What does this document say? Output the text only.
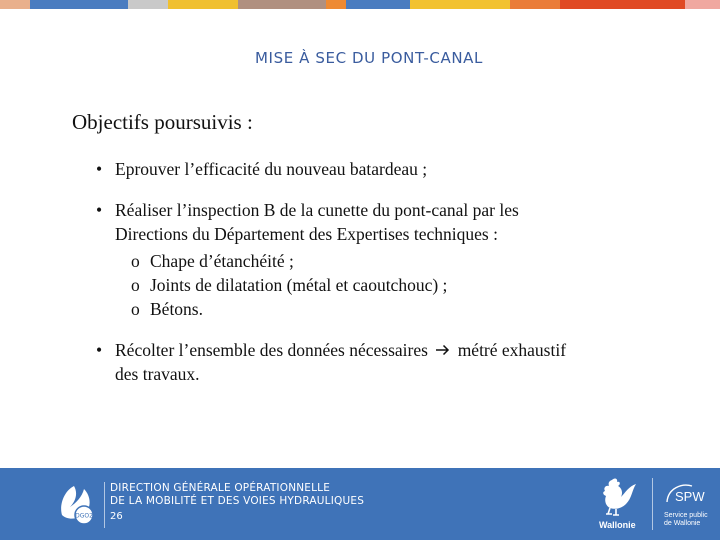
MISE À SEC DU PONT-CANAL
Objectifs poursuivis :
• Eprouver l’efficacité du nouveau batardeau ;
• Réaliser l’inspection B de la cunette du pont-canal par les
Directions du Département des Expertises techniques :
o Chape d’étanchéité ;
o Joints de dilatation (métal et caoutchouc) ;
o Bétons.
• Récolter l’ensemble des données nécessaires métré exhaustif
des travaux.
DGO2
DIRECTION GÉNÉRALE OPÉRATIONNELLE
DE LA MOBILITÉ ET DES VOIES HYDRAULIQUES
26
Wallonie
SPW
Service public
de Wallonie
